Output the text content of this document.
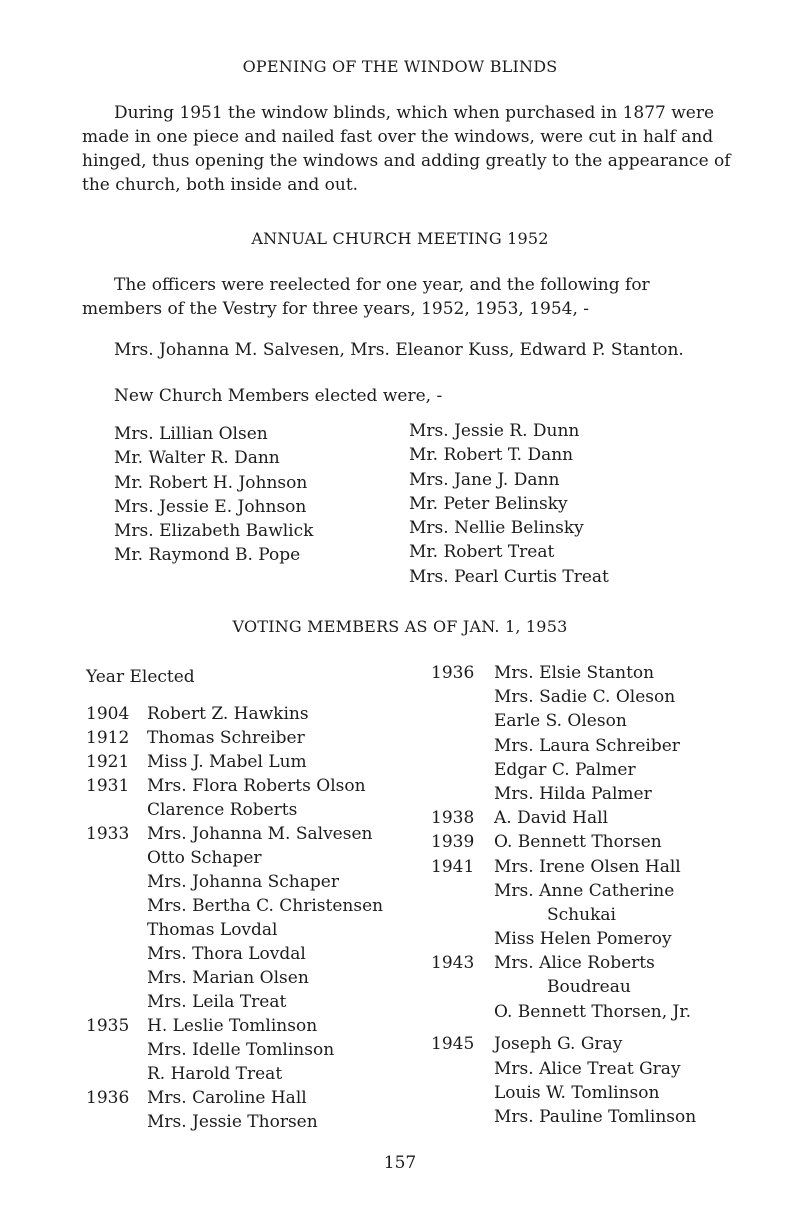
OPENING OF THE WINDOW BLINDS

During 1951 the window blinds, which when purchased in 1877 were made in one piece and nailed fast over the windows, were cut in half and hinged, thus opening the windows and adding greatly to the appearance of the church, both inside and out.

ANNUAL CHURCH MEETING 1952

The officers were reelected for one year, and the following for members of the Vestry for three years, 1952, 1953, 1954, -

Mrs. Johanna M. Salvesen, Mrs. Eleanor Kuss, Edward P. Stanton.

New Church Members elected were, -

Mrs. Lillian Olsen
Mr. Walter R. Dann
Mr. Robert H. Johnson
Mrs. Jessie E. Johnson
Mrs. Elizabeth Bawlick
Mr. Raymond B. Pope
Mrs. Jessie R. Dunn
Mr. Robert T. Dann
Mrs. Jane J. Dann
Mr. Peter Belinsky
Mrs. Nellie Belinsky
Mr. Robert Treat
Mrs. Pearl Curtis Treat
VOTING MEMBERS AS OF JAN. 1, 1953
Year Elected
1904 Robert Z. Hawkins
1912 Thomas Schreiber
1921 Miss J. Mabel Lum
1931 Mrs. Flora Roberts Olson
Clarence Roberts
1933 Mrs. Johanna M. Salvesen
Otto Schaper
Mrs. Johanna Schaper
Mrs. Bertha C. Christensen
Thomas Lovdal
Mrs. Thora Lovdal
Mrs. Marian Olsen
Mrs. Leila Treat
1935 H. Leslie Tomlinson
Mrs. Idelle Tomlinson
R. Harold Treat
1936 Mrs. Caroline Hall
Mrs. Jessie Thorsen
1936 Mrs. Elsie Stanton
Mrs. Sadie C. Oleson
Earle S. Oleson
Mrs. Laura Schreiber
Edgar C. Palmer
Mrs. Hilda Palmer
1938 A. David Hall
1939 O. Bennett Thorsen
1941 Mrs. Irene Olsen Hall
Mrs. Anne Catherine
Schukai
Miss Helen Pomeroy
1943 Mrs. Alice Roberts
Boudreau
O. Bennett Thorsen, Jr.
1945 Joseph G. Gray
Mrs. Alice Treat Gray
Louis W. Tomlinson
Mrs. Pauline Tomlinson
157
